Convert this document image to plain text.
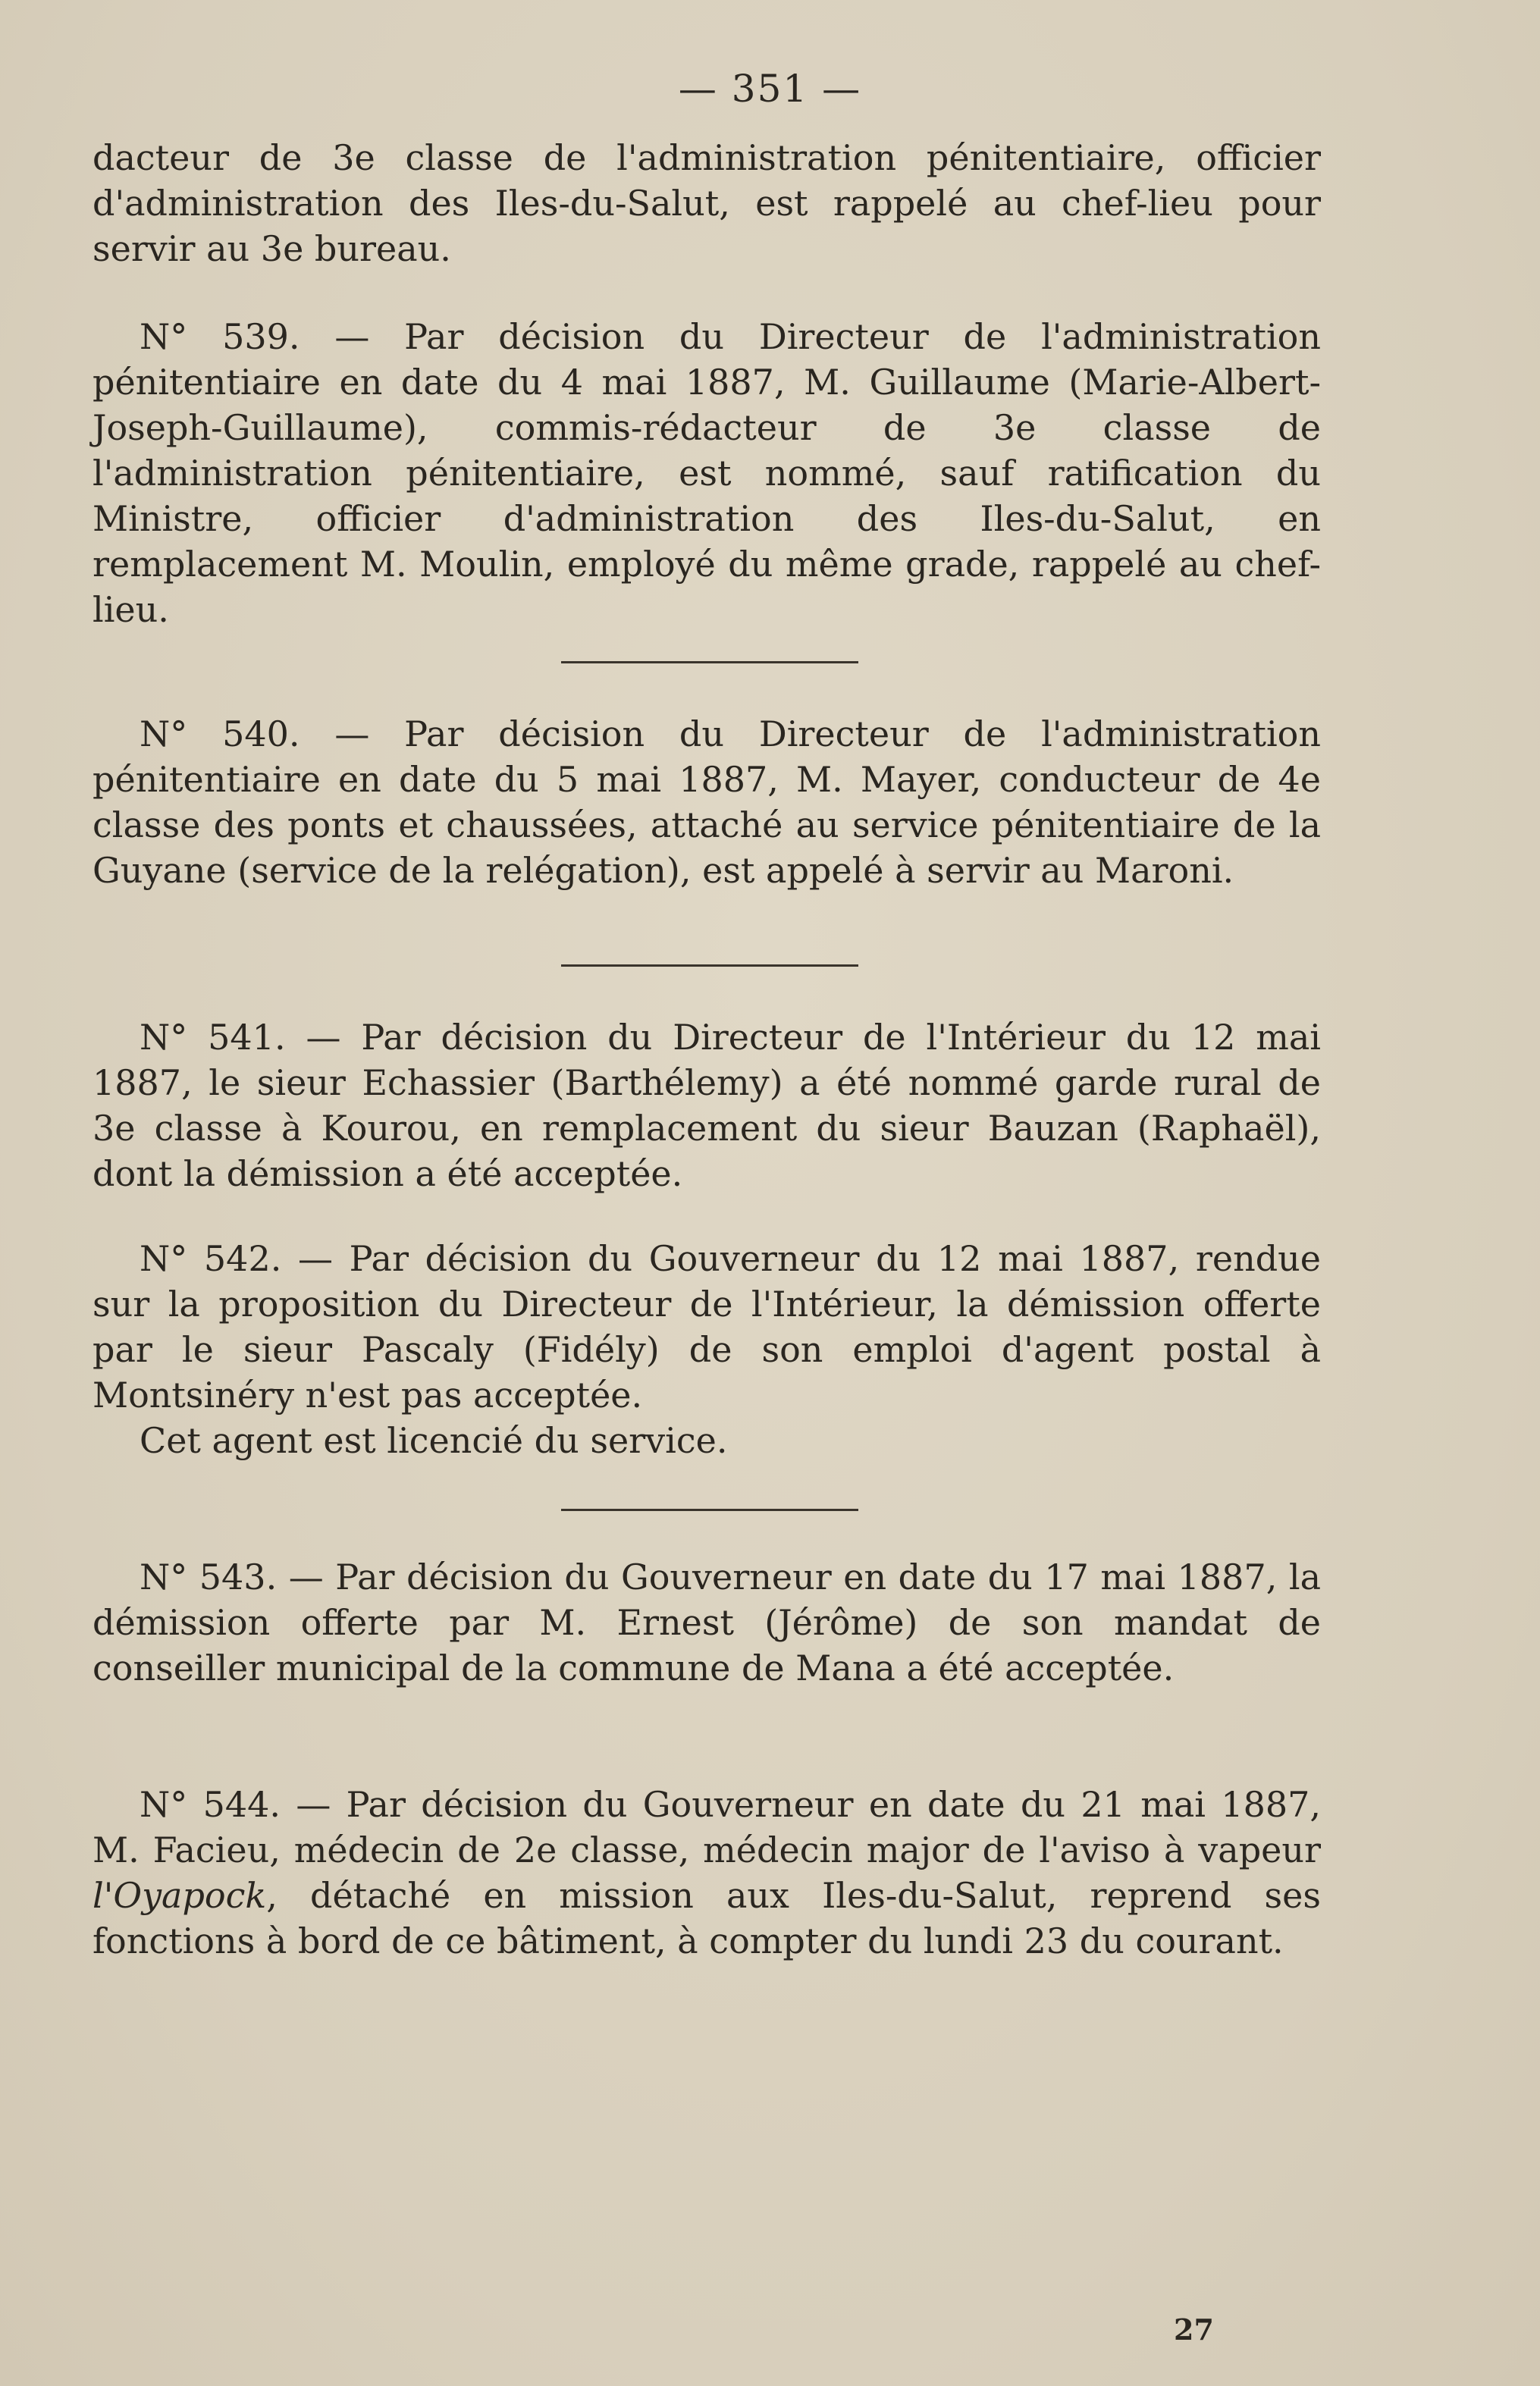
— 351 —

dacteur de 3e classe de l'administration pénitentiaire, officier d'administration des Iles-du-Salut, est rappelé au chef-lieu pour servir au 3e bureau.

N° 539. — Par décision du Directeur de l'administration pénitentiaire en date du 4 mai 1887, M. Guillaume (Marie-Albert-Joseph-Guillaume), commis-rédacteur de 3e classe de l'administration pénitentiaire, est nommé, sauf ratification du Ministre, officier d'administration des Iles-du-Salut, en remplacement M. Moulin, employé du même grade, rappelé au chef-lieu.

N° 540. — Par décision du Directeur de l'administration pénitentiaire en date du 5 mai 1887, M. Mayer, conducteur de 4e classe des ponts et chaussées, attaché au service pénitentiaire de la Guyane (service de la relégation), est appelé à servir au Maroni.

N° 541. — Par décision du Directeur de l'Intérieur du 12 mai 1887, le sieur Echassier (Barthélemy) a été nommé garde rural de 3e classe à Kourou, en remplacement du sieur Bauzan (Raphaël), dont la démission a été acceptée.

N° 542. — Par décision du Gouverneur du 12 mai 1887, rendue sur la proposition du Directeur de l'Intérieur, la démission offerte par le sieur Pascaly (Fidély) de son emploi d'agent postal à Montsinéry n'est pas acceptée.

Cet agent est licencié du service.

N° 543. — Par décision du Gouverneur en date du 17 mai 1887, la démission offerte par M. Ernest (Jérôme) de son mandat de conseiller municipal de la commune de Mana a été acceptée.

N° 544. — Par décision du Gouverneur en date du 21 mai 1887, M. Facieu, médecin de 2e classe, médecin major de l'aviso à vapeur l'Oyapock, détaché en mission aux Iles-du-Salut, reprend ses fonctions à bord de ce bâtiment, à compter du lundi 23 du courant.

27
